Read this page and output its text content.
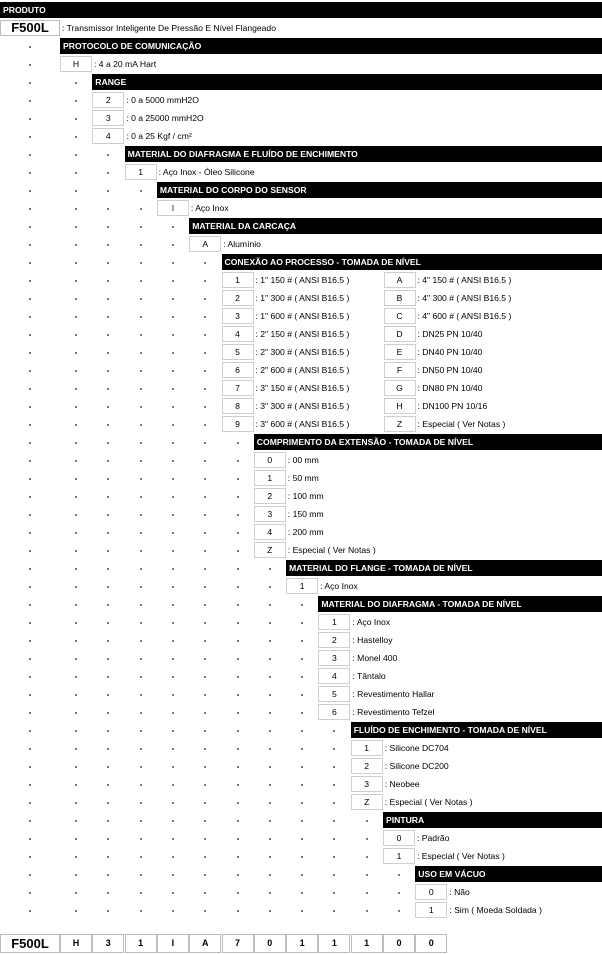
PRODUTO
F500L	: Transmissor Inteligente De Pressão E Nível Flangeado
PROTOCOLO DE COMUNICAÇÃO
H	: 4 a 20 mA Hart
RANGE
2	: 0 a 5000 mmH2O
3	: 0 a 25000 mmH2O
4	: 0 a 25 Kgf / cm²
MATERIAL DO DIAFRAGMA E FLUÍDO DE ENCHIMENTO
1	: Aço Inox - Óleo Silicone
MATERIAL DO CORPO DO SENSOR
I	: Aço Inox
MATERIAL DA CARCAÇA
A	: Alumínio
CONEXÃO AO PROCESSO - TOMADA DE NÍVEL
1	: 1" 150 # ( ANSI B16.5 )	A	: 4" 150 # ( ANSI B16.5 )
2	: 1" 300 # ( ANSI B16.5 )	B	: 4" 300 # ( ANSI B16.5 )
3	: 1" 600 # ( ANSI B16.5 )	C	: 4" 600 # ( ANSI B16.5 )
4	: 2" 150 # ( ANSI B16.5 )	D	: DN25 PN 10/40
5	: 2" 300 # ( ANSI B16.5 )	E	: DN40 PN 10/40
6	: 2" 600 # ( ANSI B16.5 )	F	: DN50 PN 10/40
7	: 3" 150 # ( ANSI B16.5 )	G	: DN80 PN 10/40
8	: 3" 300 # ( ANSI B16.5 )	H	: DN100 PN 10/16
9	: 3" 600 # ( ANSI B16.5 )	Z	: Especial ( Ver Notas )
COMPRIMENTO DA EXTENSÃO - TOMADA DE NÍVEL
0	: 00 mm
1	: 50 mm
2	: 100 mm
3	: 150 mm
4	: 200 mm
Z	: Especial ( Ver Notas )
MATERIAL DO FLANGE - TOMADA DE NÍVEL
1	: Aço Inox
MATERIAL DO DIAFRAGMA - TOMADA DE NÍVEL
1	: Aço Inox
2	: Hastelloy
3	: Monel 400
4	: Tântalo
5	: Revestimento Hallar
6	: Revestimento Tefzel
FLUÍDO DE ENCHIMENTO - TOMADA DE NÍVEL
1	: Silicone DC704
2	: Silicone DC200
3	: Neobee
Z	: Especial ( Ver Notas )
PINTURA
0	: Padrão
1	: Especial ( Ver Notas )
USO EM VÁCUO
0	: Não
1	: Sim ( Moeda Soldada )
F500L	H	3	1	I	A	7	0	1	1	1	0	0
